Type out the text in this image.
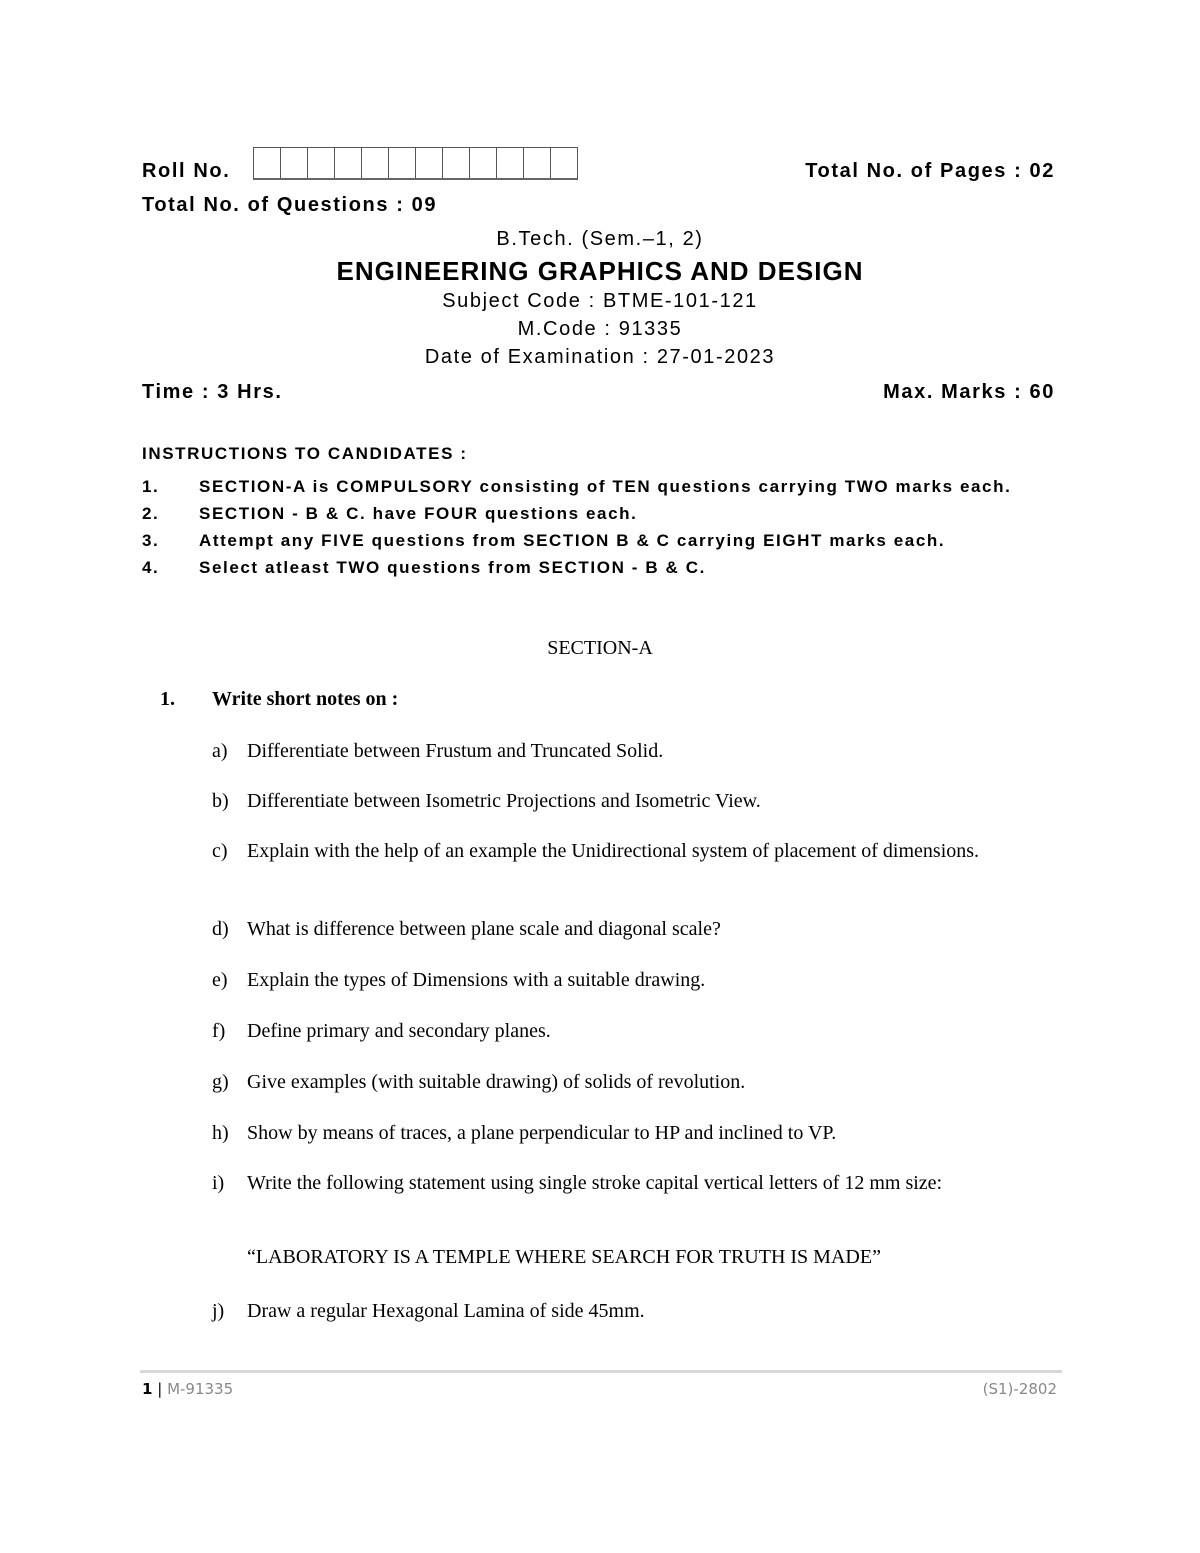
Roll No.	Total No. of Pages : 02
Total No. of Questions : 09
B.Tech. (Sem.–1, 2)
ENGINEERING GRAPHICS AND DESIGN
Subject Code : BTME-101-121
M.Code : 91335
Date of Examination : 27-01-2023
Time : 3 Hrs.	Max. Marks : 60
INSTRUCTIONS TO CANDIDATES :
1.	SECTION-A is COMPULSORY consisting of TEN questions carrying TWO marks each.
2.	SECTION - B & C. have FOUR questions each.
3.	Attempt any FIVE questions from SECTION B & C carrying EIGHT marks each.
4.	Select atleast TWO questions from SECTION - B & C.
SECTION-A
1. Write short notes on :
a) Differentiate between Frustum and Truncated Solid.
b) Differentiate between Isometric Projections and Isometric View.
c) Explain with the help of an example the Unidirectional system of placement of dimensions.
d) What is difference between plane scale and diagonal scale?
e) Explain the types of Dimensions with a suitable drawing.
f)	Define primary and secondary planes.
g) Give examples (with suitable drawing) of solids of revolution.
h) Show by means of traces, a plane perpendicular to HP and inclined to VP.
i)	Write the following statement using single stroke capital vertical letters of 12 mm size:
j)	Draw a regular Hexagonal Lamina of side 45mm.
“LABORATORY IS A TEMPLE WHERE SEARCH FOR TRUTH IS MADE”
1 | M-91335	(S1)-2802
